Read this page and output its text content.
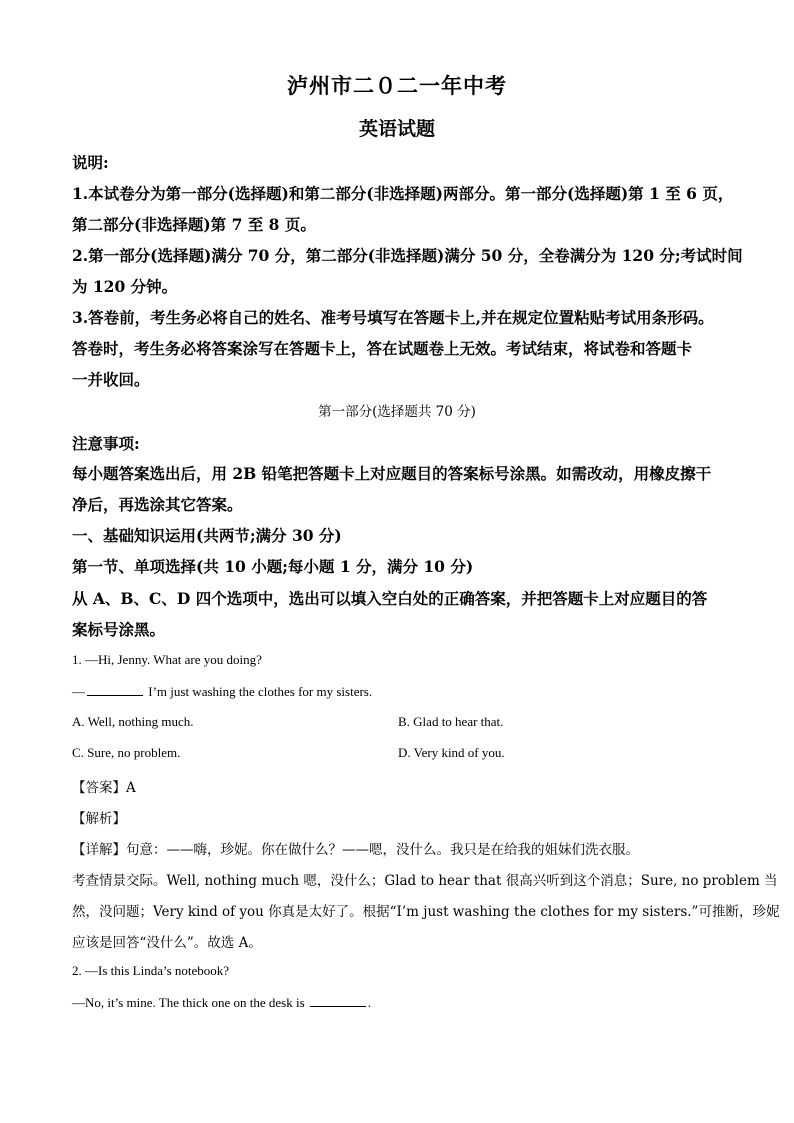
泸州市二０二一年中考
英语试题
说明:
1.本试卷分为第一部分(选择题)和第二部分(非选择题)两部分。第一部分(选择题)第 1 至 6 页，
第二部分(非选择题)第 7 至 8 页。
2.第一部分(选择题)满分 70 分，第二部分(非选择题)满分 50 分，全卷满分为 120 分;考试时间
为 120 分钟。
3.答卷前，考生务必将自己的姓名、准考号填写在答题卡上,并在规定位置粘贴考试用条形码。
答卷时，考生务必将答案涂写在答题卡上，答在试题卷上无效。考试结束，将试卷和答题卡
一并收回。
第一部分(选择题共 70 分)
注意事项:
每小题答案选出后，用 2B 铅笔把答题卡上对应题目的答案标号涂黑。如需改动，用橡皮擦干
净后，再选涂其它答案。
一、基础知识运用(共两节;满分 30 分)
第一节、单项选择(共 10 小题;每小题 1 分，满分 10 分)
从 A、B、C、D 四个选项中，选出可以填入空白处的正确答案，并把答题卡上对应题目的答
案标号涂黑。
1. —Hi, Jenny. What are you doing?
—	I’m just washing the clothes for my sisters.
A. Well, nothing much.	B. Glad to hear that.
C. Sure, no problem.	D. Very kind of you.
【答案】A
【解析】
【详解】句意：——嗨，珍妮。你在做什么？——嗯，没什么。我只是在给我的姐妹们洗衣服。
考查情景交际。Well, nothing much 嗯，没什么；Glad to hear that 很高兴听到这个消息；Sure, no problem 当
然，没问题；Very kind of you 你真是太好了。根据“I’m just washing the clothes for my sisters.”可推断，珍妮
应该是回答“没什么”。故选 A。
2. —Is this Linda’s notebook?
—No, it’s mine. The thick one on the desk is	.
